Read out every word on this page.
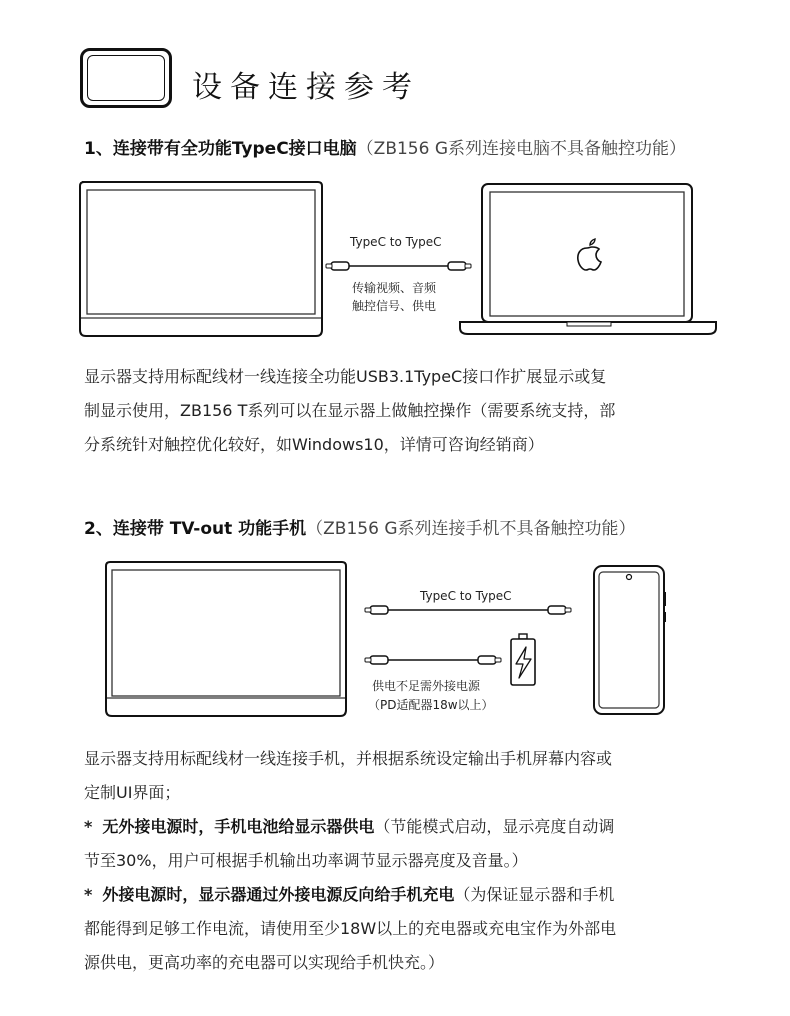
设备连接参考
1、连接带有全功能TypeC接口电脑（ZB156 G系列连接电脑不具备触控功能）
TypeC to TypeC
传输视频、音频
触控信号、供电
显示器支持用标配线材一线连接全功能USB3.1TypeC接口作扩展显示或复
制显示使用，ZB156 T系列可以在显示器上做触控操作（需要系统支持，部
分系统针对触控优化较好，如Windows10，详情可咨询经销商）
2、连接带 TV-out 功能手机（ZB156 G系列连接手机不具备触控功能）
TypeC to TypeC
供电不足需外接电源
（PD适配器18w以上）
显示器支持用标配线材一线连接手机，并根据系统设定输出手机屏幕内容或
定制UI界面；
* 无外接电源时，手机电池给显示器供电（节能模式启动，显示亮度自动调
节至30%，用户可根据手机输出功率调节显示器亮度及音量。）
* 外接电源时，显示器通过外接电源反向给手机充电（为保证显示器和手机
都能得到足够工作电流，请使用至少18W以上的充电器或充电宝作为外部电
源供电，更高功率的充电器可以实现给手机快充。）
